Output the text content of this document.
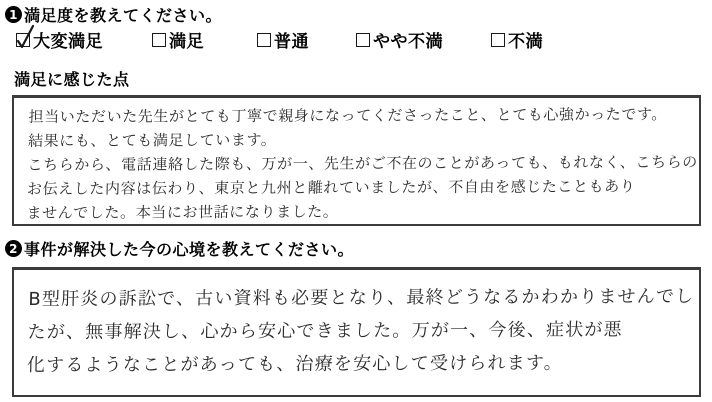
1 満足度を教えてください。
大変満足	満足	普通	やや不満	不満
満足に感じた点
担当いただいた先生がとても丁寧で親身になってくださったこと、とても心強かったです。
結果にも、とても満足しています。
こちらから、電話連絡した際も、万が一、先生がご不在のことがあっても、もれなく、こちらの
お伝えした内容は伝わり、東京と九州と離れていましたが、不自由を感じたこともあり
ませんでした。本当にお世話になりました。
2 事件が解決した今の心境を教えてください。
B型肝炎の訴訟で、古い資料も必要となり、最終どうなるかわかりませんでし
たが、無事解決し、心から安心できました。万が一、今後、症状が悪
化するようなことがあっても、治療を安心して受けられます。
